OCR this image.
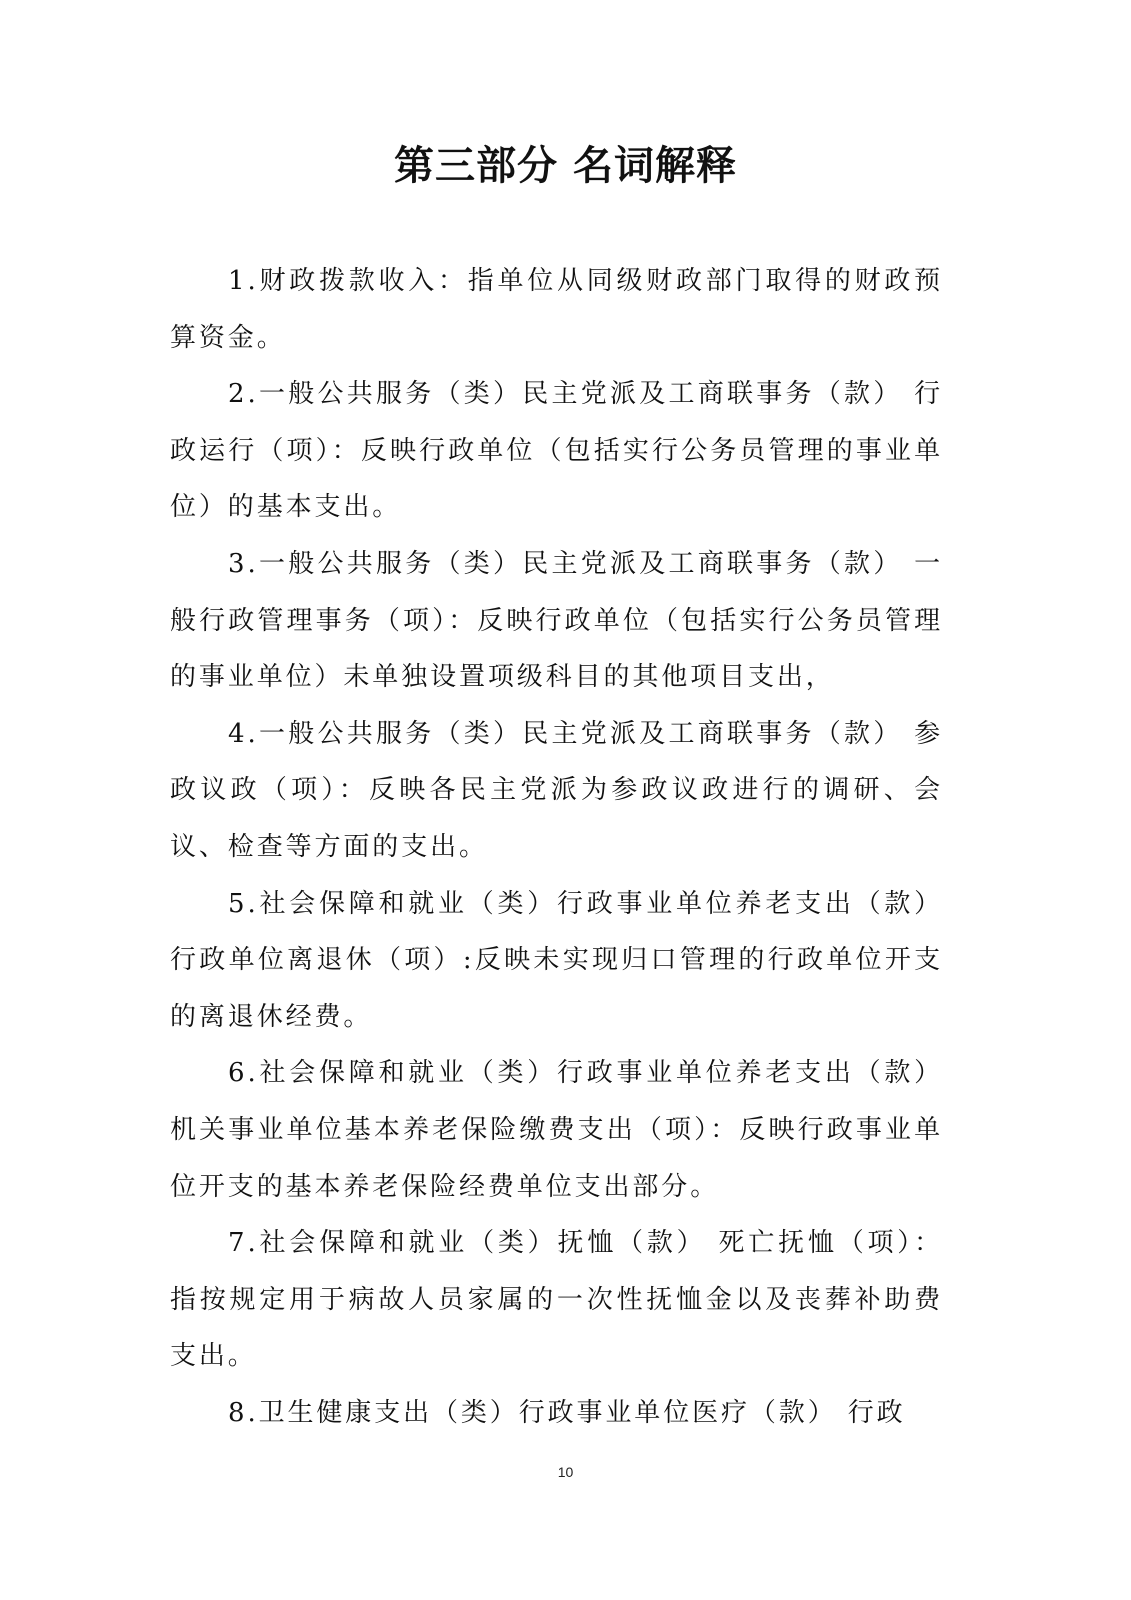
第三部分 名词解释

1.财政拨款收入：指单位从同级财政部门取得的财政预算资金。

2.一般公共服务（类）民主党派及工商联事务（款） 行政运行（项）：反映行政单位（包括实行公务员管理的事业单位）的基本支出。

3.一般公共服务（类）民主党派及工商联事务（款） 一般行政管理事务（项）：反映行政单位（包括实行公务员管理的事业单位）未单独设置项级科目的其他项目支出，

4.一般公共服务（类）民主党派及工商联事务（款） 参政议政（项）：反映各民主党派为参政议政进行的调研、会议、检查等方面的支出。

5.社会保障和就业（类）行政事业单位养老支出（款）行政单位离退休（项）:反映未实现归口管理的行政单位开支的离退休经费。

6.社会保障和就业（类）行政事业单位养老支出（款）机关事业单位基本养老保险缴费支出（项）：反映行政事业单位开支的基本养老保险经费单位支出部分。

7.社会保障和就业（类）抚恤（款） 死亡抚恤（项）：指按规定用于病故人员家属的一次性抚恤金以及丧葬补助费支出。

8.卫生健康支出（类）行政事业单位医疗（款） 行政

10
